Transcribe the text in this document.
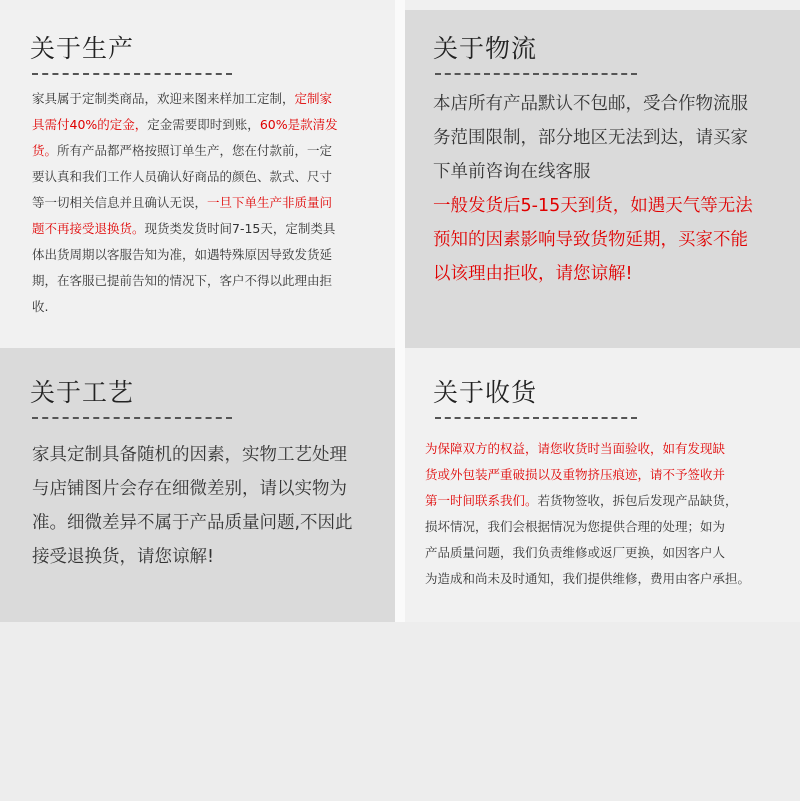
关于生产
家具属于定制类商品，欢迎来图来样加工定制，定制家
具需付40%的定金，定金需要即时到账，60%是款清发
货。所有产品都严格按照订单生产，您在付款前，一定
要认真和我们工作人员确认好商品的颜色、款式、尺寸
等一切相关信息并且确认无误，一旦下单生产非质量问
题不再接受退换货。现货类发货时间7-15天，定制类具
体出货周期以客服告知为准，如遇特殊原因导致发货延
期，在客服已提前告知的情况下，客户不得以此理由拒
收.
关于物流
本店所有产品默认不包邮，受合作物流服
务范围限制，部分地区无法到达，请买家
下单前咨询在线客服
一般发货后5-15天到货，如遇天气等无法
预知的因素影响导致货物延期，买家不能
以该理由拒收，请您谅解!
关于工艺
家具定制具备随机的因素，实物工艺处理
与店铺图片会存在细微差别，请以实物为
准。细微差异不属于产品质量问题,不因此
接受退换货，请您谅解!
关于收货
为保障双方的权益，请您收货时当面验收，如有发现缺
货或外包装严重破损以及重物挤压痕迹，请不予签收并
第一时间联系我们。若货物签收，拆包后发现产品缺货，
损坏情况，我们会根据情况为您提供合理的处理；如为
产品质量问题，我们负责维修或返厂更换，如因客户人
为造成和尚未及时通知，我们提供维修，费用由客户承担。
